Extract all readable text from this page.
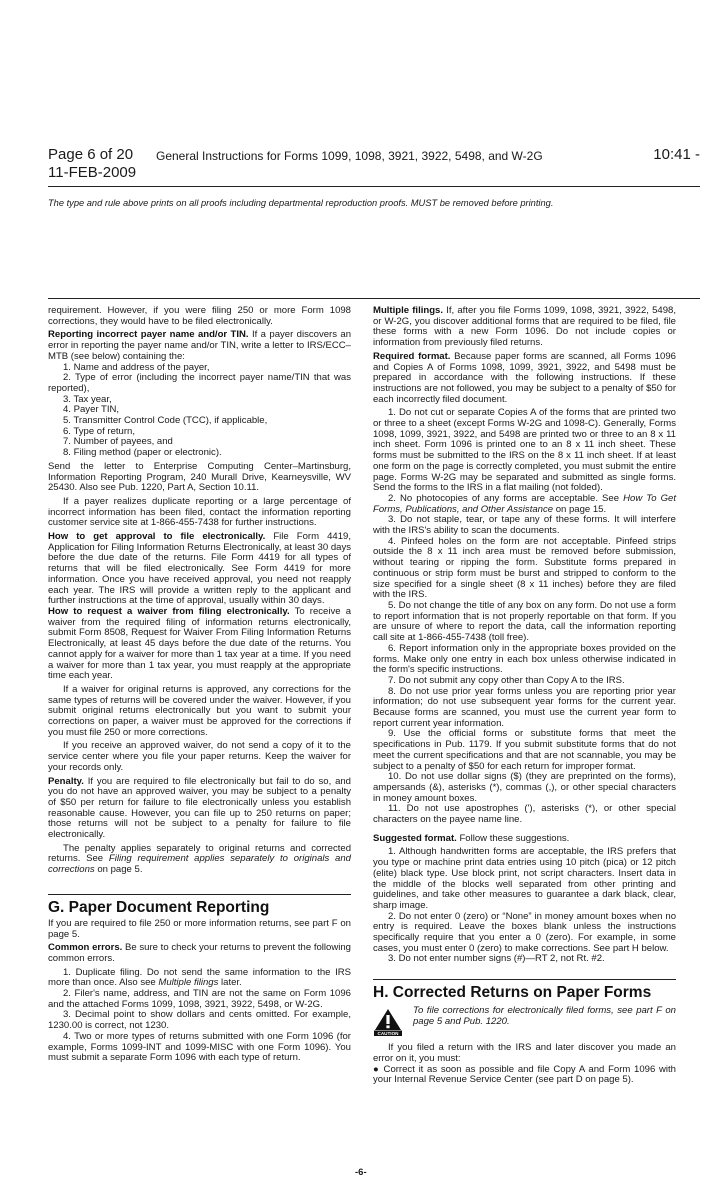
Page 6 of 20 General Instructions for Forms 1099, 1098, 3921, 3922, 5498, and W-2G	10:41 -
11-FEB-2009
The type and rule above prints on all proofs including departmental reproduction proofs. MUST be removed before printing.

requirement. However, if you were filing 250 or more Form 1098 corrections, they would have to be filed electronically.

Reporting incorrect payer name and/or TIN. If a payer discovers an error in reporting the payer name and/or TIN, write a letter to IRS/ECC–MTB (see below) containing the:

1. Name and address of the payer,

2. Type of error (including the incorrect payer name/TIN that was reported),

3. Tax year,

4. Payer TIN,

5. Transmitter Control Code (TCC), if applicable,

6. Type of return,

7. Number of payees, and

8. Filing method (paper or electronic).

Send the letter to Enterprise Computing Center–Martinsburg, Information Reporting Program, 240 Murall Drive, Kearneysville, WV 25430. Also see Pub. 1220, Part A, Section 10.11.

If a payer realizes duplicate reporting or a large percentage of incorrect information has been filed, contact the information reporting customer service site at 1-866-455-7438 for further instructions.

How to get approval to file electronically. File Form 4419, Application for Filing Information Returns Electronically, at least 30 days before the due date of the returns. File Form 4419 for all types of returns that will be filed electronically. See Form 4419 for more information. Once you have received approval, you need not reapply each year. The IRS will provide a written reply to the applicant and further instructions at the time of approval, usually within 30 days.

How to request a waiver from filing electronically. To receive a waiver from the required filing of information returns electronically, submit Form 8508, Request for Waiver From Filing Information Returns Electronically, at least 45 days before the due date of the returns. You cannot apply for a waiver for more than 1 tax year at a time. If you need a waiver for more than 1 tax year, you must reapply at the appropriate time each year.

If a waiver for original returns is approved, any corrections for the same types of returns will be covered under the waiver. However, if you submit original returns electronically but you want to submit your corrections on paper, a waiver must be approved for the corrections if you must file 250 or more corrections.

If you receive an approved waiver, do not send a copy of it to the service center where you file your paper returns. Keep the waiver for your records only.

Penalty. If you are required to file electronically but fail to do so, and you do not have an approved waiver, you may be subject to a penalty of $50 per return for failure to file electronically unless you establish reasonable cause. However, you can file up to 250 returns on paper; those returns will not be subject to a penalty for failure to file electronically.

The penalty applies separately to original returns and corrected returns. See Filing requirement applies separately to originals and corrections on page 5.

G. Paper Document Reporting

If you are required to file 250 or more information returns, see part F on page 5.

Common errors. Be sure to check your returns to prevent the following common errors.

1. Duplicate filing. Do not send the same information to the IRS more than once. Also see Multiple filings later.

2. Filer's name, address, and TIN are not the same on Form 1096 and the attached Forms 1099, 1098, 3921, 3922, 5498, or W-2G.

3. Decimal point to show dollars and cents omitted. For example, 1230.00 is correct, not 1230.

4. Two or more types of returns submitted with one Form 1096 (for example, Forms 1099-INT and 1099-MISC with one Form 1096). You must submit a separate Form 1096 with each type of return.

Multiple filings. If, after you file Forms 1099, 1098, 3921, 3922, 5498, or W-2G, you discover additional forms that are required to be filed, file these forms with a new Form 1096. Do not include copies or information from previously filed returns.

Required format. Because paper forms are scanned, all Forms 1096 and Copies A of Forms 1098, 1099, 3921, 3922, and 5498 must be prepared in accordance with the following instructions. If these instructions are not followed, you may be subject to a penalty of $50 for each incorrectly filed document.

1. Do not cut or separate Copies A of the forms that are printed two or three to a sheet (except Forms W-2G and 1098-C). Generally, Forms 1098, 1099, 3921, 3922, and 5498 are printed two or three to an 8 x 11 inch sheet. Form 1096 is printed one to an 8 x 11 inch sheet. These forms must be submitted to the IRS on the 8 x 11 inch sheet. If at least one form on the page is correctly completed, you must submit the entire page. Forms W-2G may be separated and submitted as single forms. Send the forms to the IRS in a flat mailing (not folded).

2. No photocopies of any forms are acceptable. See How To Get Forms, Publications, and Other Assistance on page 15.

3. Do not staple, tear, or tape any of these forms. It will interfere with the IRS's ability to scan the documents.

4. Pinfeed holes on the form are not acceptable. Pinfeed strips outside the 8 x 11 inch area must be removed before submission, without tearing or ripping the form. Substitute forms prepared in continuous or strip form must be burst and stripped to conform to the size specified for a single sheet (8 x 11 inches) before they are filed with the IRS.

5. Do not change the title of any box on any form. Do not use a form to report information that is not properly reportable on that form. If you are unsure of where to report the data, call the information reporting call site at 1-866-455-7438 (toll free).

6. Report information only in the appropriate boxes provided on the forms. Make only one entry in each box unless otherwise indicated in the form's specific instructions.

7. Do not submit any copy other than Copy A to the IRS.

8. Do not use prior year forms unless you are reporting prior year information; do not use subsequent year forms for the current year. Because forms are scanned, you must use the current year form to report current year information.

9. Use the official forms or substitute forms that meet the specifications in Pub. 1179. If you submit substitute forms that do not meet the current specifications and that are not scannable, you may be subject to a penalty of $50 for each return for improper format.

10. Do not use dollar signs ($) (they are preprinted on the forms), ampersands (&), asterisks (*), commas (,), or other special characters in money amount boxes.

11. Do not use apostrophes ('), asterisks (*), or other special characters on the payee name line.

Suggested format. Follow these suggestions.

1. Although handwritten forms are acceptable, the IRS prefers that you type or machine print data entries using 10 pitch (pica) or 12 pitch (elite) black type. Use block print, not script characters. Insert data in the middle of the blocks well separated from other printing and guidelines, and take other measures to guarantee a dark black, clear, sharp image.

2. Do not enter 0 (zero) or “None” in money amount boxes when no entry is required. Leave the boxes blank unless the instructions specifically require that you enter a 0 (zero). For example, in some cases, you must enter 0 (zero) to make corrections. See part H below.

3. Do not enter number signs (#)—RT 2, not Rt. #2.

H. Corrected Returns on Paper Forms
CAUTION

To file corrections for electronically filed forms, see part F on page 5 and Pub. 1220.

If you filed a return with the IRS and later discover you made an error on it, you must:

● Correct it as soon as possible and file Copy A and Form 1096 with your Internal Revenue Service Center (see part D on page 5).

-6-
